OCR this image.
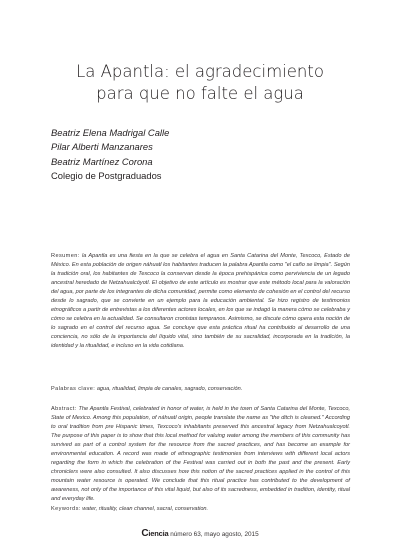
La Apantla: el agradecimiento
para que no falte el agua
Beatriz Elena Madrigal Calle
Pilar Alberti Manzanares
Beatriz Martínez Corona
Colegio de Postgraduados
Resumen: la Apantla es una fiesta en la que se celebra el agua en Santa Catarina del Monte, Texcoco, Estado de México. En esta población de origen náhuatl los habitantes traducen la palabra Apantla como "el caño se limpia". Según la tradición oral, los habitantes de Texcoco la conservan desde la época prehispánica como perviviencia de un legado ancestral heredado de Netzahualcóyotl. El objetivo de este artículo es mostrar que este método local para la valoración del agua, por parte de los integrantes de dicha comunidad, permite como elemento de cohesión en el control del recurso desde lo sagrado, que se convierte en un ejemplo para la educación ambiental. Se hizo registro de testimonios etnográficos a partir de entrevistas a los diferentes actores locales, en los que se indagó la manera cómo se celebraba y cómo se celebra en la actualidad. Se consultaron cronistas tempranos. Asimismo, se discute cómo opera esta noción de lo sagrado en el control del recurso agua. Se concluye que esta práctica ritual ha contribuido al desarrollo de una conciencia, no sólo de la importancia del líquido vital, sino también de su sacralidad, incorporada en la tradición, la identidad y la ritualidad, e incluso en la vida cotidiana.
Palabras clave: agua, ritualidad, limpia de canales, sagrado, conservación.
Abstract: The Apantla Festival, celebrated in honor of water, is held in the town of Santa Catarina del Monte, Texcoco, State of Mexico. Among this population, of náhuatl origin, people translate the name as "the ditch is cleaned." According to oral tradition from pre Hispanic times, Texcoco's inhabitants preserved this ancestral legacy from Netzahualcoyotl. The purpose of this paper is to show that this local method for valuing water among the members of this community has survived as part of a control system for the resource from the sacred practices, and has become an example for environmental education. A record was made of ethnographic testimonies from interviews with different local actors regarding the form in which the celebration of the Festival was carried out in both the past and the present. Early chroniclers were also consulted. It also discusses how this notion of the sacred practices applied in the control of this mountain water resource is operated. We conclude that this ritual practice has contributed to the development of awareness, not only of the importance of this vital liquid, but also of its sacredness, embedded in tradition, identity, ritual and everyday life.
Keywords: water, rituality, clean channel, sacral, conservation.
Ciencia número 63, mayo agosto, 2015
